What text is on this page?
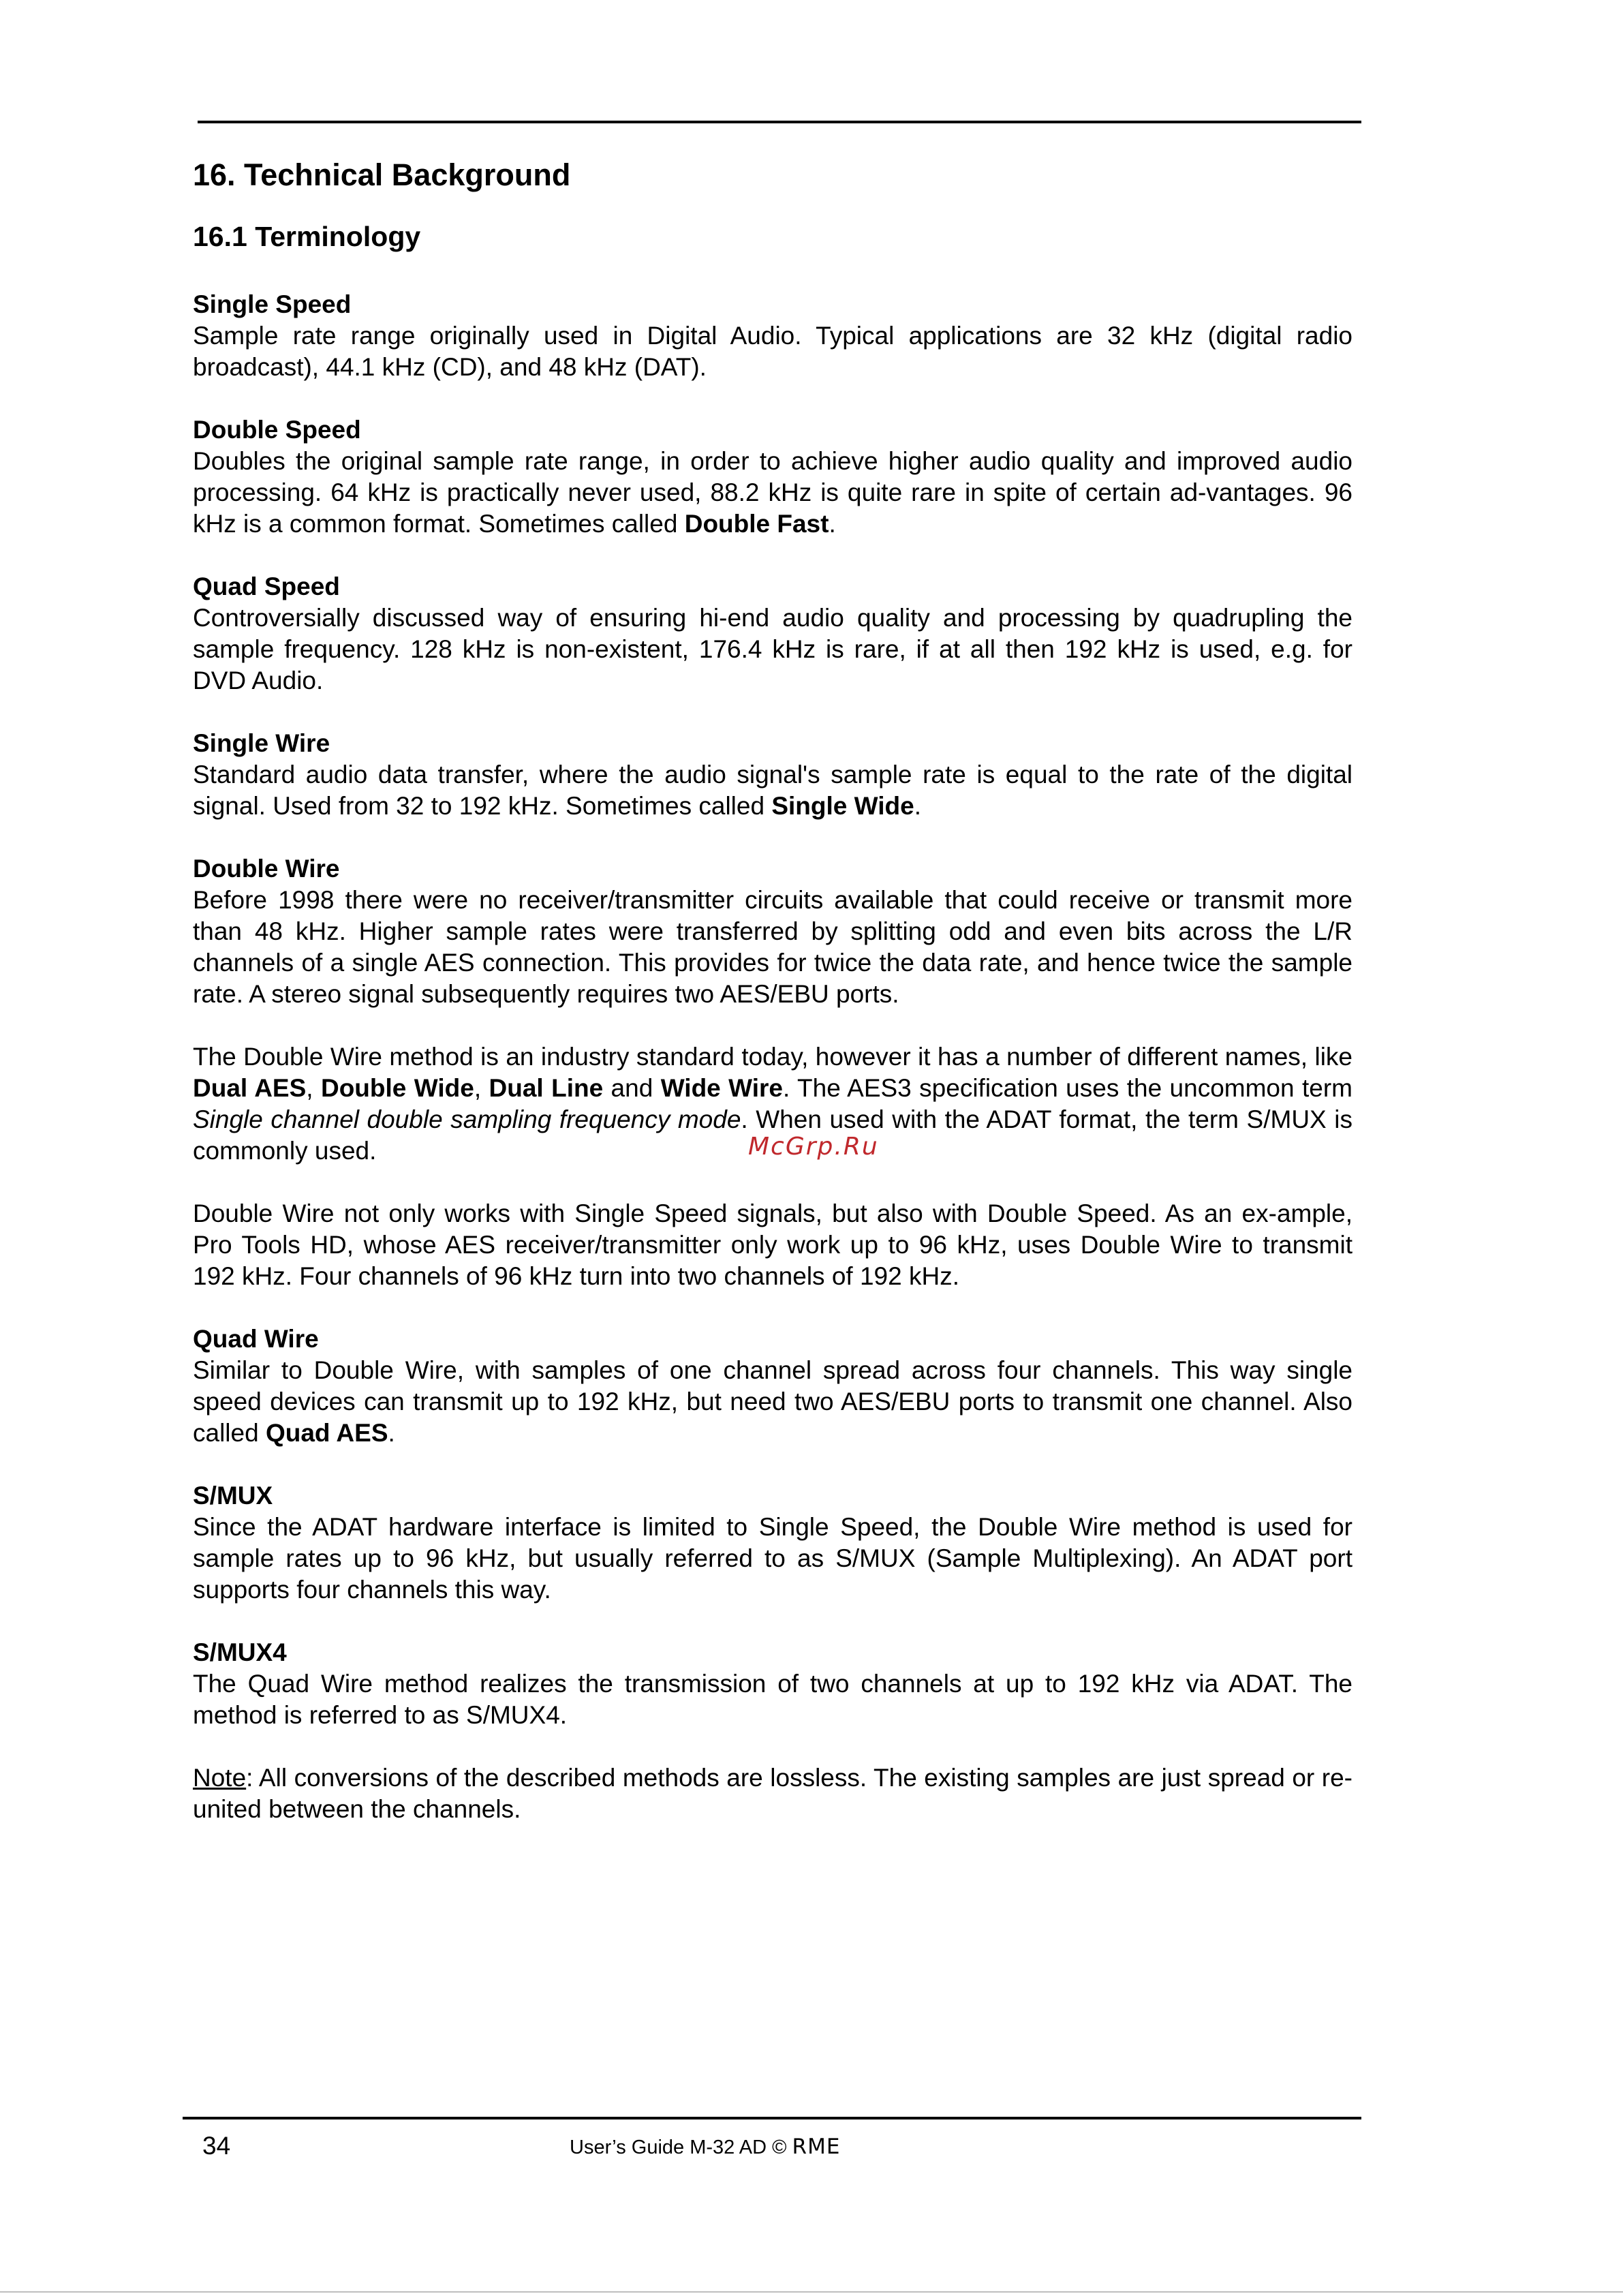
16. Technical Background
16.1 Terminology
Single Speed

Sample rate range originally used in Digital Audio. Typical applications are 32 kHz (digital radio broadcast), 44.1 kHz (CD), and 48 kHz (DAT).

Double Speed

Doubles the original sample rate range, in order to achieve higher audio quality and improved audio processing. 64 kHz is practically never used, 88.2 kHz is quite rare in spite of certain ad-vantages. 96 kHz is a common format. Sometimes called Double Fast.

Quad Speed

Controversially discussed way of ensuring hi-end audio quality and processing by quadrupling the sample frequency. 128 kHz is non-existent, 176.4 kHz is rare, if at all then 192 kHz is used, e.g. for DVD Audio.

Single Wire

Standard audio data transfer, where the audio signal's sample rate is equal to the rate of the digital signal. Used from 32 to 192 kHz. Sometimes called Single Wide.

Double Wire

Before 1998 there were no receiver/transmitter circuits available that could receive or transmit more than 48 kHz. Higher sample rates were transferred by splitting odd and even bits across the L/R channels of a single AES connection. This provides for twice the data rate, and hence twice the sample rate. A stereo signal subsequently requires two AES/EBU ports.

The Double Wire method is an industry standard today, however it has a number of different names, like Dual AES, Double Wide, Dual Line and Wide Wire. The AES3 specification uses the uncommon term Single channel double sampling frequency mode. When used with the ADAT format, the term S/MUX is commonly used.

Double Wire not only works with Single Speed signals, but also with Double Speed. As an ex-ample, Pro Tools HD, whose AES receiver/transmitter only work up to 96 kHz, uses Double Wire to transmit 192 kHz. Four channels of 96 kHz turn into two channels of 192 kHz.

Quad Wire

Similar to Double Wire, with samples of one channel spread across four channels. This way single speed devices can transmit up to 192 kHz, but need two AES/EBU ports to transmit one channel. Also called Quad AES.

S/MUX

Since the ADAT hardware interface is limited to Single Speed, the Double Wire method is used for sample rates up to 96 kHz, but usually referred to as S/MUX (Sample Multiplexing). An ADAT port supports four channels this way.

S/MUX4

The Quad Wire method realizes the transmission of two channels at up to 192 kHz via ADAT. The method is referred to as S/MUX4.

Note: All conversions of the described methods are lossless. The existing samples are just spread or re-united between the channels.

McGrp.Ru
34	User’s Guide M-32 AD © RME
